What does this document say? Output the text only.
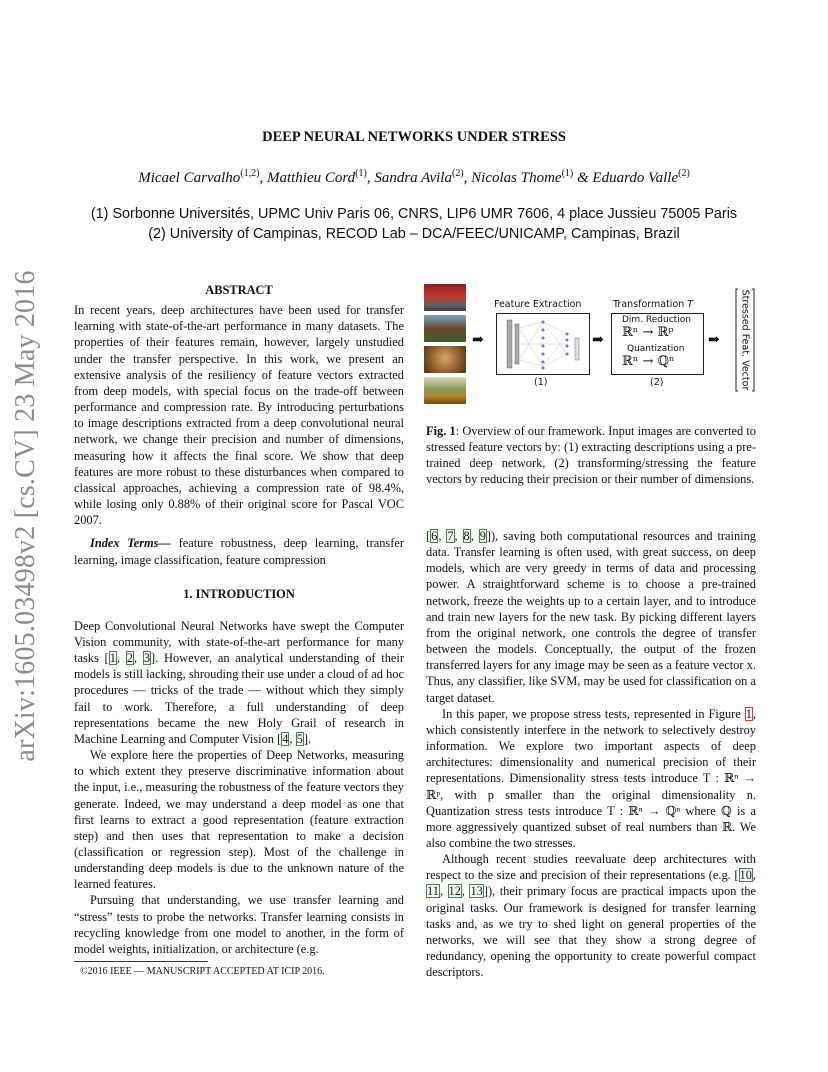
arXiv:1605.03498v2 [cs.CV] 23 May 2016
DEEP NEURAL NETWORKS UNDER STRESS
Micael Carvalho$^{(1,2)}$, Matthieu Cord$^{(1)}$, Sandra Avila$^{(2)}$, Nicolas Thome$^{(1)}$ & Eduardo Valle$^{(2)}$
(1) Sorbonne Universités, UPMC Univ Paris 06, CNRS, LIP6 UMR 7606, 4 place Jussieu 75005 Paris
(2) University of Campinas, RECOD Lab – DCA/FEEC/UNICAMP, Campinas, Brazil
ABSTRACT

In recent years, deep architectures have been used for transfer learning with state-of-the-art performance in many datasets. The properties of their features remain, however, largely unstudied under the transfer perspective. In this work, we present an extensive analysis of the resiliency of feature vectors extracted from deep models, with special focus on the trade-off between performance and compression rate. By introducing perturbations to image descriptions extracted from a deep convolutional neural network, we change their precision and number of dimensions, measuring how it affects the final score. We show that deep features are more robust to these disturbances when compared to classical approaches, achieving a compression rate of 98.4%, while losing only 0.88% of their original score for Pascal VOC 2007.

Index Terms— feature robustness, deep learning, transfer learning, image classification, feature compression

1. INTRODUCTION

Deep Convolutional Neural Networks have swept the Computer Vision community, with state-of-the-art performance for many tasks [1, 2, 3]. However, an analytical understanding of their models is still lacking, shrouding their use under a cloud of ad hoc procedures — tricks of the trade — without which they simply fail to work. Therefore, a full understanding of deep representations became the new Holy Grail of research in Machine Learning and Computer Vision [4, 5].

We explore here the properties of Deep Networks, measuring to which extent they preserve discriminative information about the input, i.e., measuring the robustness of the feature vectors they generate. Indeed, we may understand a deep model as one that first learns to extract a good representation (feature extraction step) and then uses that representation to make a decision (classification or regression step). Most of the challenge in understanding deep models is due to the unknown nature of the learned features.

Pursuing that understanding, we use transfer learning and “stress” tests to probe the networks. Transfer learning consists in recycling knowledge from one model to another, in the form of model weights, initialization, or architecture (e.g.

©2016 IEEE — MANUSCRIPT ACCEPTED AT ICIP 2016.
➡
Feature Extraction
(1)
➡
Transformation T
Dim. Reduction
ℝⁿ → ℝᵖ
Quantization
ℝⁿ → ℚⁿ
(2)
➡ Stressed Feat. Vector

Fig. 1: Overview of our framework. Input images are converted to stressed feature vectors by: (1) extracting descriptions using a pre-trained deep network, (2) transforming/stressing the feature vectors by reducing their precision or their number of dimensions.

[6, 7, 8, 9]), saving both computational resources and training data. Transfer learning is often used, with great success, on deep models, which are very greedy in terms of data and processing power. A straightforward scheme is to choose a pre-trained network, freeze the weights up to a certain layer, and to introduce and train new layers for the new task. By picking different layers from the original network, one controls the degree of transfer between the models. Conceptually, the output of the frozen transferred layers for any image may be seen as a feature vector x. Thus, any classifier, like SVM, may be used for classification on a target dataset.

In this paper, we propose stress tests, represented in Figure 1, which consistently interfere in the network to selectively destroy information. We explore two important aspects of deep architectures: dimensionality and numerical precision of their representations. Dimensionality stress tests introduce T : ℝⁿ → ℝᵖ, with p smaller than the original dimensionality n. Quantization stress tests introduce T : ℝⁿ → ℚⁿ where ℚ is a more aggressively quantized subset of real numbers than ℝ. We also combine the two stresses.

Although recent studies reevaluate deep architectures with respect to the size and precision of their representations (e.g. [10, 11, 12, 13]), their primary focus are practical impacts upon the original tasks. Our framework is designed for transfer learning tasks and, as we try to shed light on general properties of the networks, we will see that they show a strong degree of redundancy, opening the opportunity to create powerful compact descriptors.
